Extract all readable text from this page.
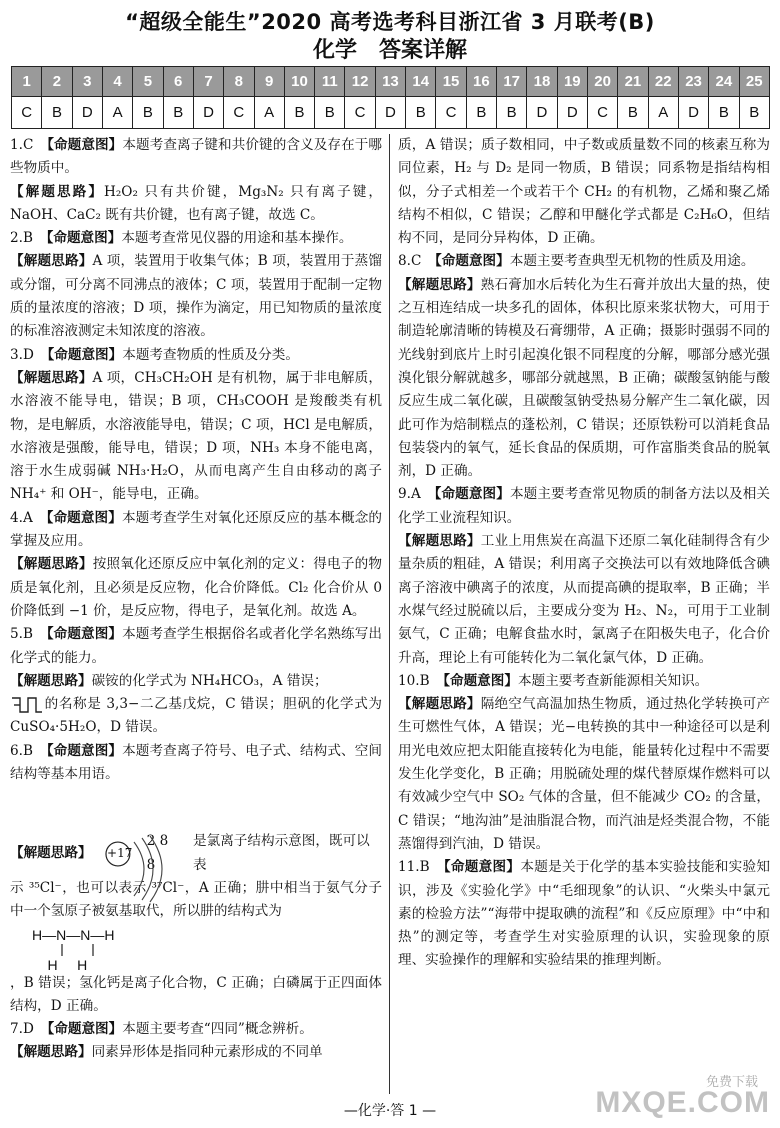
“超级全能生”2020 高考选考科目浙江省 3 月联考(B)
化学　答案详解
1	2	3	4	5	6	7	8	9	10	11	12	13	14	15	16	17	18	19	20	21	22	23	24	25
C	B	D	A	B	B	D	C	A	B	B	C	D	B	C	B	B	D	D	C	B	A	D	B	B

1.C　【命题意图】本题考查离子键和共价键的含义及存在于哪些物质中。

【解题思路】H₂O₂ 只有共价键，Mg₃N₂ 只有离子键，NaOH、CaC₂ 既有共价键，也有离子键，故选 C。

2.B　【命题意图】本题考查常见仪器的用途和基本操作。

【解题思路】A 项，装置用于收集气体；B 项，装置用于蒸馏或分馏，可分离不同沸点的液体；C 项，装置用于配制一定物质的量浓度的溶液；D 项，操作为滴定，用已知物质的量浓度的标准溶液测定未知浓度的溶液。

3.D　【命题意图】本题考查物质的性质及分类。

【解题思路】A 项，CH₃CH₂OH 是有机物，属于非电解质，水溶液不能导电，错误；B 项，CH₃COOH 是羧酸类有机物，是电解质，水溶液能导电，错误；C 项，HCl 是电解质，水溶液是强酸，能导电，错误；D 项，NH₃ 本身不能电离，溶于水生成弱碱 NH₃·H₂O，从而电离产生自由移动的离子 NH₄⁺ 和 OH⁻，能导电，正确。

4.A　【命题意图】本题考查学生对氧化还原反应的基本概念的掌握及应用。

【解题思路】按照氧化还原反应中氧化剂的定义：得电子的物质是氧化剂，且必须是反应物，化合价降低。Cl₂ 化合价从 0 价降低到 −1 价，是反应物，得电子，是氧化剂。故选 A。

5.B　【命题意图】本题考查学生根据俗名或者化学名熟练写出化学式的能力。

【解题思路】碳铵的化学式为 NH₄HCO₃，A 错误；

的名称是 3,3−二乙基戊烷，C 错误；胆矾的化学式为 CuSO₄·5H₂O，D 错误。

6.B　【命题意图】本题考查离子符号、电子式、结构式、空间结构等基本用语。

【解题思路】 +17
2 8 8
是氯离子结构示意图，既可以表

示 ³⁵Cl⁻，也可以表示 ³⁷Cl⁻，A 正确；肼中相当于氨气分子中一个氢原子被氨基取代，所以肼的结构式为

H—N—N—H
H     H

，B 错误；氢化钙是离子化合物，C 正确；白磷属于正四面体结构，D 正确。

7.D　【命题意图】本题主要考查“四同”概念辨析。

【解题思路】同素异形体是指同种元素形成的不同单

质，A 错误；质子数相同，中子数或质量数不同的核素互称为同位素，H₂ 与 D₂ 是同一物质，B 错误；同系物是指结构相似，分子式相差一个或若干个 CH₂ 的有机物，乙烯和聚乙烯结构不相似，C 错误；乙醇和甲醚化学式都是 C₂H₆O，但结构不同，是同分异构体，D 正确。

8.C　【命题意图】本题主要考查典型无机物的性质及用途。

【解题思路】熟石膏加水后转化为生石膏并放出大量的热，使之互相连结成一块多孔的固体，体积比原来浆状物大，可用于制造轮廓清晰的铸模及石膏绷带，A 正确；摄影时强弱不同的光线射到底片上时引起溴化银不同程度的分解，哪部分感光强溴化银分解就越多，哪部分就越黑，B 正确；碳酸氢钠能与酸反应生成二氧化碳，且碳酸氢钠受热易分解产生二氧化碳，因此可作为焙制糕点的蓬松剂，C 错误；还原铁粉可以消耗食品包装袋内的氧气，延长食品的保质期，可作富脂类食品的脱氧剂，D 正确。

9.A　【命题意图】本题主要考查常见物质的制备方法以及相关化学工业流程知识。

【解题思路】工业上用焦炭在高温下还原二氧化硅制得含有少量杂质的粗硅，A 错误；利用离子交换法可以有效地降低含碘离子溶液中碘离子的浓度，从而提高碘的提取率，B 正确；半水煤气经过脱硫以后，主要成分变为 H₂、N₂，可用于工业制氨气，C 正确；电解食盐水时，氯离子在阳极失电子，化合价升高，理论上有可能转化为二氧化氯气体，D 正确。

10.B　【命题意图】本题主要考查新能源相关知识。

【解题思路】隔绝空气高温加热生物质，通过热化学转换可产生可燃性气体，A 错误；光−电转换的其中一种途径可以是利用光电效应把太阳能直接转化为电能，能量转化过程中不需要发生化学变化，B 正确；用脱硫处理的煤代替原煤作燃料可以有效减少空气中 SO₂ 气体的含量，但不能减少 CO₂ 的含量，C 错误；“地沟油”是油脂混合物，而汽油是烃类混合物，不能蒸馏得到汽油，D 错误。

11.B　【命题意图】本题是关于化学的基本实验技能和实验知识，涉及《实验化学》中“毛细现象”的认识、“火柴头中氯元素的检验方法”“海带中提取碘的流程”和《反应原理》中“中和热”的测定等，考查学生对实验原理的认识，实验现象的原理、实验操作的理解和实验结果的推理判断。

—化学·答 1 —
免费下载
MXQE.COM
